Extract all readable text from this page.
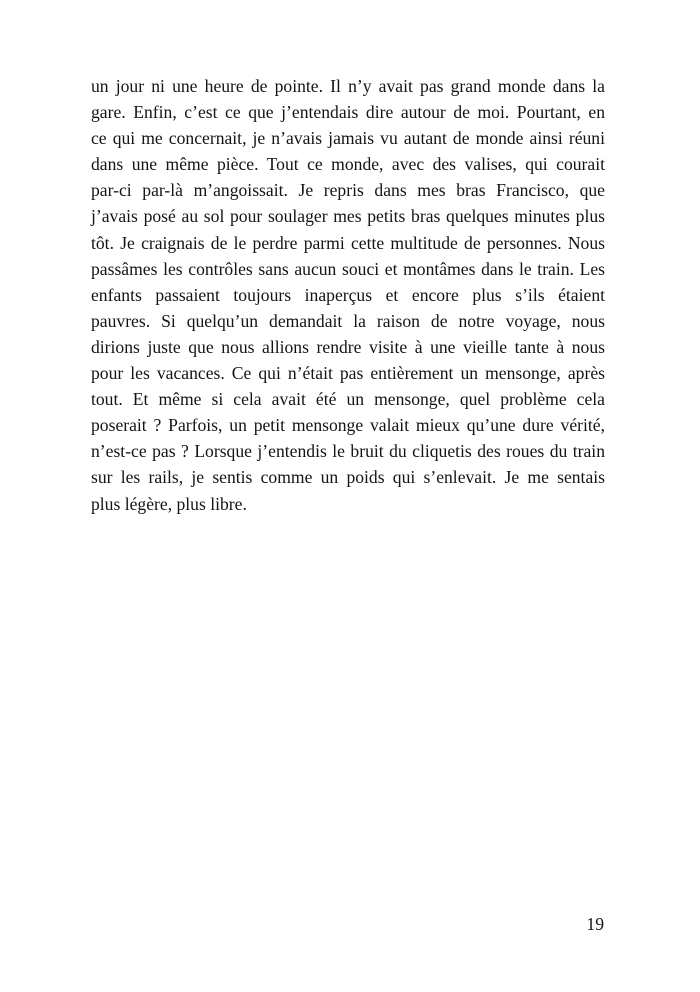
un jour ni une heure de pointe. Il n’y avait pas grand monde dans la
gare. Enfin, c’est ce que j’entendais dire autour de moi. Pourtant, en
ce qui me concernait, je n’avais jamais vu autant de monde ainsi réuni
dans une même pièce. Tout ce monde, avec des valises, qui courait
par-ci par-là m’angoissait. Je repris dans mes bras Francisco, que
j’avais posé au sol pour soulager mes petits bras quelques minutes plus
tôt. Je craignais de le perdre parmi cette multitude de personnes. Nous
passâmes les contrôles sans aucun souci et montâmes dans le train. Les
enfants passaient toujours inaperçus et encore plus s’ils étaient
pauvres. Si quelqu’un demandait la raison de notre voyage, nous
dirions juste que nous allions rendre visite à une vieille tante à nous
pour les vacances. Ce qui n’était pas entièrement un mensonge, après
tout. Et même si cela avait été un mensonge, quel problème cela
poserait ? Parfois, un petit mensonge valait mieux qu’une dure vérité,
n’est-ce pas ? Lorsque j’entendis le bruit du cliquetis des roues du train
sur les rails, je sentis comme un poids qui s’enlevait. Je me sentais
plus légère, plus libre.
19
